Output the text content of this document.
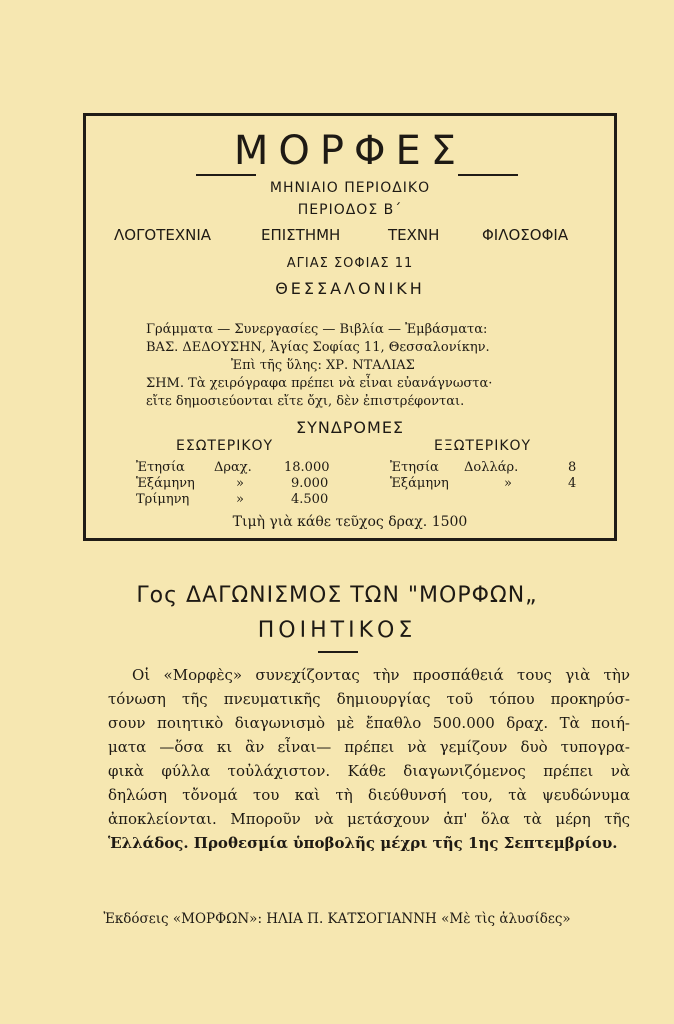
ΜΟΡΦΕΣ
ΜΗΝΙΑΙΟ ΠΕΡΙΟΔΙΚΟ
ΠΕΡΙΟΔΟΣ Β΄
ΛΟΓΟΤΕΧΝΙΑ	ΕΠΙΣΤΗΜΗ	ΤΕΧΝΗ	ΦΙΛΟΣΟΦΙΑ
ΑΓΙΑΣ ΣΟΦΙΑΣ 11
ΘΕΣΣΑΛΟΝΙΚΗ
Γράμματα — Συνεργασίες — Βιβλία — Ἐμβάσματα:
ΒΑΣ. ΔΕΔΟΥΣΗΝ, Ἁγίας Σοφίας 11, Θεσσαλονίκην.
Ἐπὶ τῆς ὕλης: ΧΡ. ΝΤΑΛΙΑΣ
ΣΗΜ. Τὰ χειρόγραφα πρέπει νὰ εἶναι εὐανάγνωστα·
εἴτε δημοσιεύονται εἴτε ὄχι, δὲν ἐπιστρέφονται.
ΣΥΝΔΡΟΜΕΣ
ΕΣΩΤΕΡΙΚΟΥ	ΕΞΩΤΕΡΙΚΟΥ
Ἐτησία Δραχ. 18.000
Ἑξάμηνη	»	9.000
Τρίμηνη	»	4.500
Ἐτησία Δολλάρ.	8
Ἑξάμηνη	»	4
Τιμὴ γιὰ κάθε τεῦχος δραχ. 1500
Γος ΔΑΓΩΝΙΣΜΟΣ ΤΩΝ "ΜΟΡΦΩΝ„
ΠΟΙΗΤΙΚΟΣ
Οἱ «Μορφὲς» συνεχίζοντας τὴν προσπάθειά τους γιὰ τὴν
τόνωση τῆς πνευματικῆς δημιουργίας τοῦ τόπου προκηρύσ-
σουν ποιητικὸ διαγωνισμὸ μὲ ἔπαθλο 500.000 δραχ. Τὰ ποιή-
ματα —ὅσα κι ἂν εἶναι— πρέπει νὰ γεμίζουν δυὸ τυπογρα-
φικὰ φύλλα τοὐλάχιστον. Κάθε διαγωνιζόμενος πρέπει νὰ
δηλώση τὄνομά του καὶ τὴ διεύθυνσή του, τὰ ψευδώνυμα
ἀποκλείονται. Μποροῦν νὰ μετάσχουν ἀπ' ὅλα τὰ μέρη τῆς
Ἑλλάδος. Προθεσμία ὑποβολῆς μέχρι τῆς 1ης Σεπτεμβρίου.
Ἐκδόσεις «ΜΟΡΦΩΝ»: ΗΛΙΑ Π. ΚΑΤΣΟΓΙΑΝΝΗ «Μὲ τὶς ἁλυσίδες»
